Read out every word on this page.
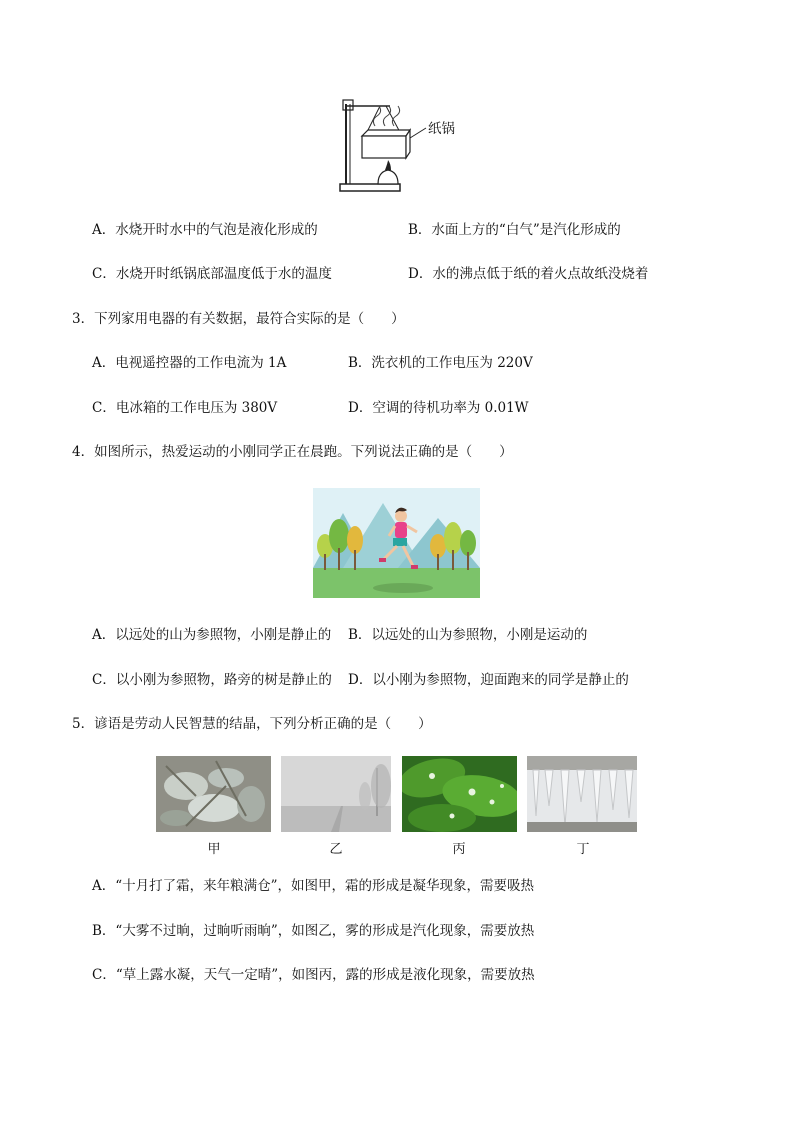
纸锅
A．水烧开时水中的气泡是液化形成的	B．水面上方的“白气”是汽化形成的
C．水烧开时纸锅底部温度低于水的温度	D．水的沸点低于纸的着火点故纸没烧着
3．下列家用电器的有关数据，最符合实际的是（　　）
A．电视遥控器的工作电流为 1A	B．洗衣机的工作电压为 220V
C．电冰箱的工作电压为 380V	D．空调的待机功率为 0.01W
4．如图所示，热爱运动的小刚同学正在晨跑。下列说法正确的是（　　）
A．以远处的山为参照物，小刚是静止的 B．以远处的山为参照物，小刚是运动的
C．以小刚为参照物，路旁的树是静止的 D．以小刚为参照物，迎面跑来的同学是静止的
5．谚语是劳动人民智慧的结晶，下列分析正确的是（　　）
甲	乙	丙	丁
A．“十月打了霜，来年粮满仓”，如图甲，霜的形成是凝华现象，需要吸热
B．“大雾不过晌，过晌听雨晌”，如图乙，雾的形成是汽化现象，需要放热
C．“草上露水凝，天气一定晴”，如图丙，露的形成是液化现象，需要放热
